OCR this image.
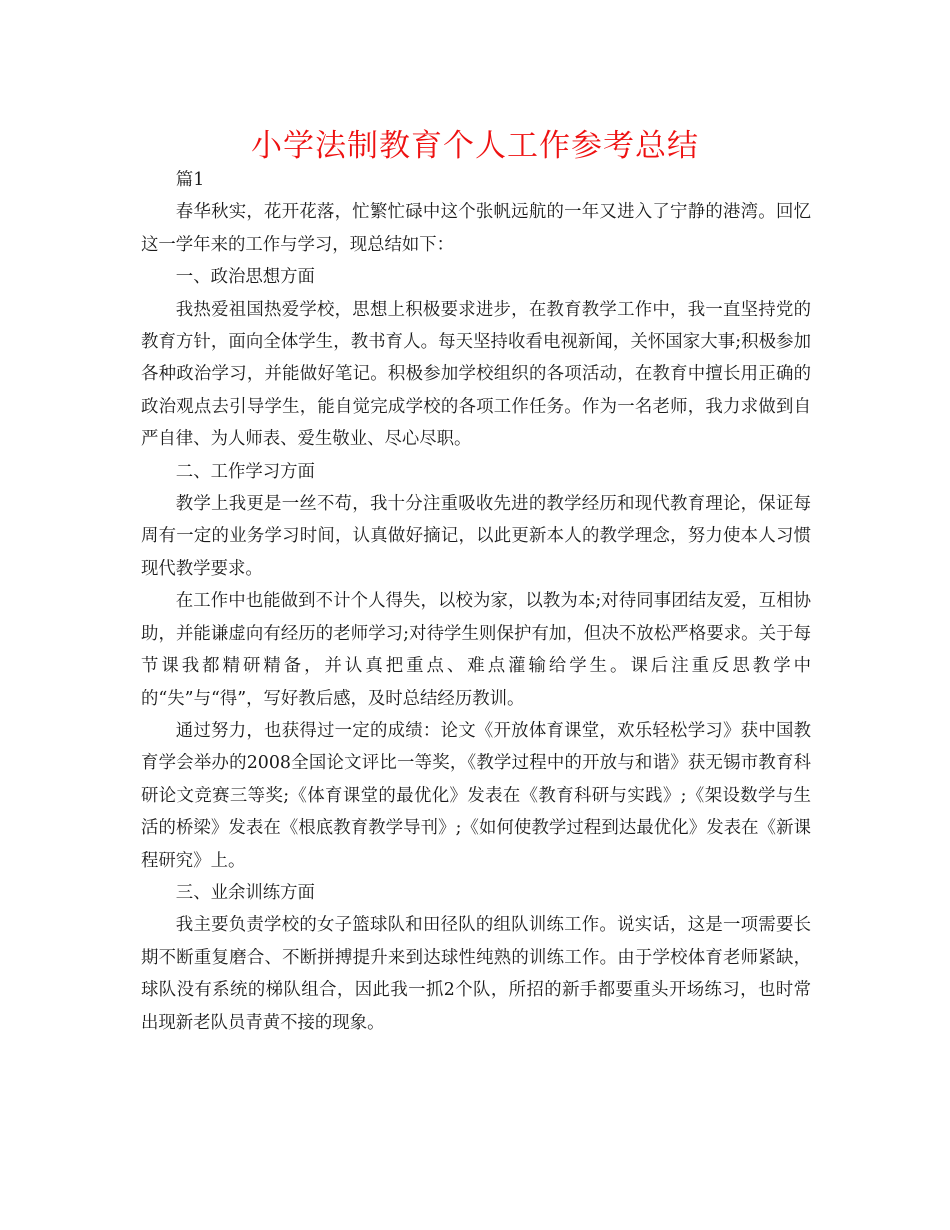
小学法制教育个人工作参考总结

篇1

春华秋实，花开花落，忙繁忙碌中这个张帆远航的一年又进入了宁静的港湾。回忆这一学年来的工作与学习，现总结如下：

一、政治思想方面

我热爱祖国热爱学校，思想上积极要求进步，在教育教学工作中，我一直坚持党的教育方针，面向全体学生，教书育人。每天坚持收看电视新闻，关怀国家大事;积极参加各种政治学习，并能做好笔记。积极参加学校组织的各项活动，在教育中擅长用正确的政治观点去引导学生，能自觉完成学校的各项工作任务。作为一名老师，我力求做到自严自律、为人师表、爱生敬业、尽心尽职。

二、工作学习方面

教学上我更是一丝不苟，我十分注重吸收先进的教学经历和现代教育理论，保证每周有一定的业务学习时间，认真做好摘记，以此更新本人的教学理念，努力使本人习惯现代教学要求。

在工作中也能做到不计个人得失，以校为家，以教为本;对待同事团结友爱，互相协助，并能谦虚向有经历的老师学习;对待学生则保护有加，但决不放松严格要求。关于每节课我都精研精备，并认真把重点、难点灌输给学生。课后注重反思教学中的“失”与“得”，写好教后感，及时总结经历教训。

通过努力，也获得过一定的成绩：论文《开放体育课堂，欢乐轻松学习》获中国教育学会举办的2008全国论文评比一等奖，《教学过程中的开放与和谐》获无锡市教育科研论文竞赛三等奖;《体育课堂的最优化》发表在《教育科研与实践》;《架设数学与生活的桥梁》发表在《根底教育教学导刊》;《如何使教学过程到达最优化》发表在《新课程研究》上。

三、业余训练方面

我主要负责学校的女子篮球队和田径队的组队训练工作。说实话，这是一项需要长期不断重复磨合、不断拼搏提升来到达球性纯熟的训练工作。由于学校体育老师紧缺，球队没有系统的梯队组合，因此我一抓2个队，所招的新手都要重头开场练习，也时常出现新老队员青黄不接的现象。
